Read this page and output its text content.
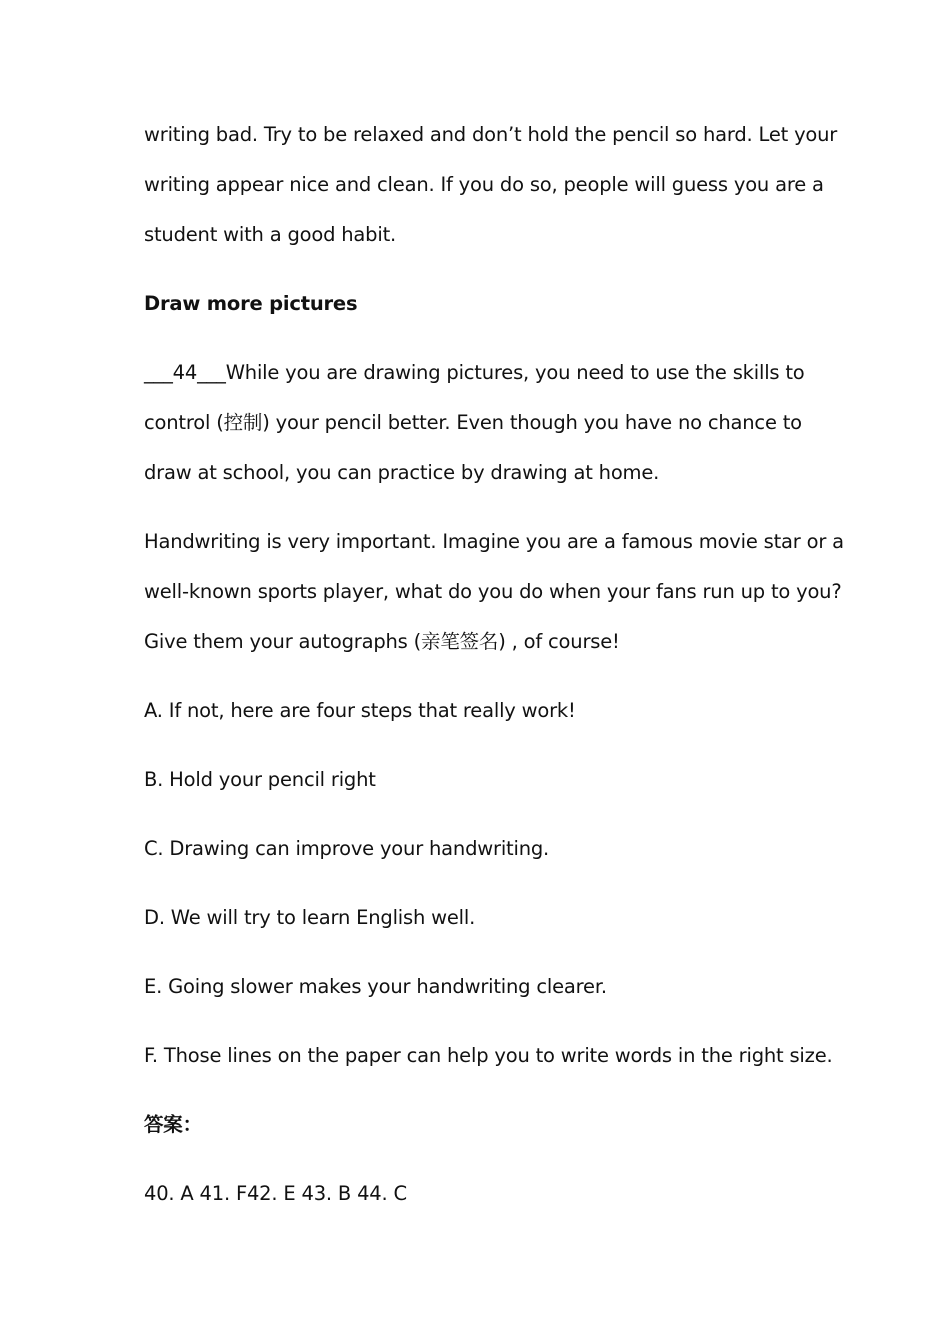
writing bad. Try to be relaxed and don’t hold the pencil so hard. Let your
writing appear nice and clean. If you do so, people will guess you are a
student with a good habit.
Draw more pictures
___44___While you are drawing pictures, you need to use the skills to
control (控制) your pencil better. Even though you have no chance to
draw at school, you can practice by drawing at home.
Handwriting is very important. Imagine you are a famous movie star or a
well-known sports player, what do you do when your fans run up to you?
Give them your autographs (亲笔签名) , of course!
A. If not, here are four steps that really work!
B. Hold your pencil right
C. Drawing can improve your handwriting.
D. We will try to learn English well.
E. Going slower makes your handwriting clearer.
F. Those lines on the paper can help you to write words in the right size.
答案：
40. A 41. F42. E 43. B 44. C
